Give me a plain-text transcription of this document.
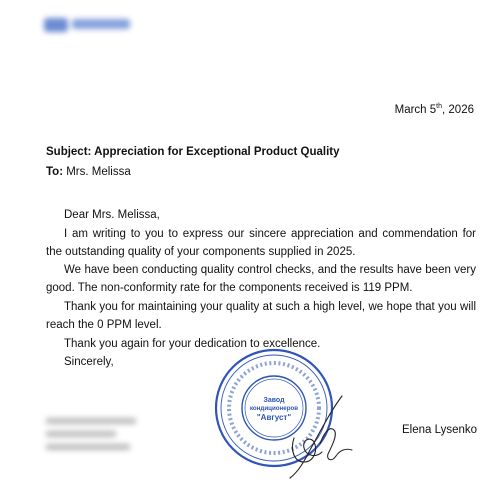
March 5th, 2026
Subject: Appreciation for Exceptional Product Quality
To: Mrs. Melissa

Dear Mrs. Melissa,

I am writing to you to express our sincere appreciation and commendation for the outstanding quality of your components supplied in 2025.

We have been conducting quality control checks, and the results have been very good. The non-conformity rate for the components received is 119 PPM.

Thank you for maintaining your quality at such a high level, we hope that you will reach the 0 PPM level.

Thank you again for your dedication to excellence.

Sincerely,

Завод
кондиционеров
"Август"
Elena Lysenko
